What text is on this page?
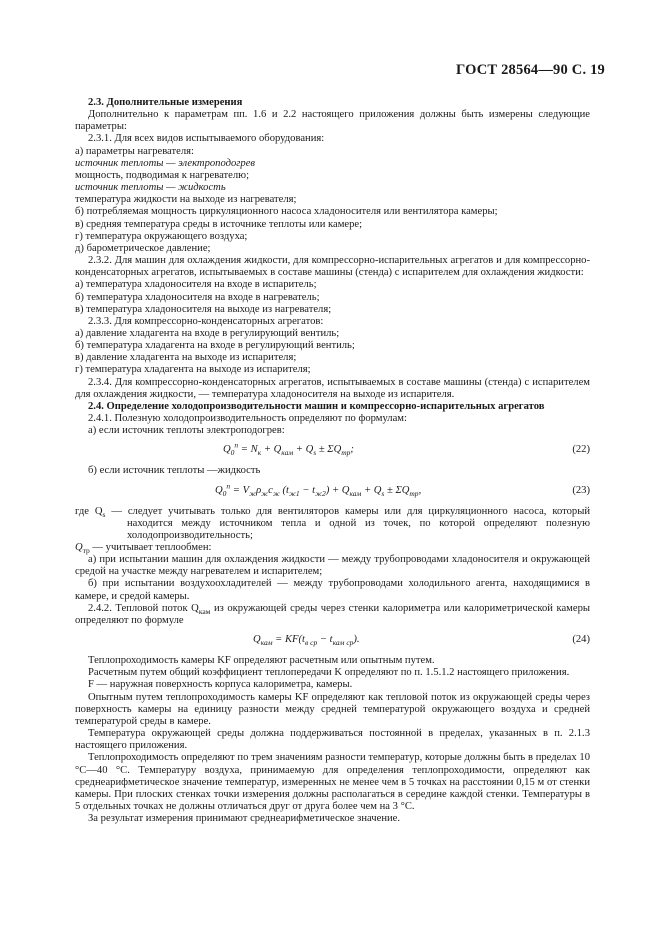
ГОСТ 28564—90 С. 19

2.3. Дополнительные измерения

Дополнительно к параметрам пп. 1.6 и 2.2 настоящего приложения должны быть измерены следующие параметры:

2.3.1. Для всех видов испытываемого оборудования:

а) параметры нагревателя:

источник теплоты — электроподогрев

мощность, подводимая к нагревателю;

источник теплоты — жидкость

температура жидкости на выходе из нагревателя;

б) потребляемая мощность циркуляционного насоса хладоносителя или вентилятора камеры;

в) средняя температура среды в источнике теплоты или камере;

г) температура окружающего воздуха;

д) барометрическое давление;

2.3.2. Для машин для охлаждения жидкости, для компрессорно-испарительных агрегатов и для компрессорно-конденсаторных агрегатов, испытываемых в составе машины (стенда) с испарителем для охлаждения жидкости:

а) температура хладоносителя на входе в испаритель;

б) температура хладоносителя на входе в нагреватель;

в) температура хладоносителя на выходе из нагревателя;

2.3.3. Для компрессорно-конденсаторных агрегатов:

а) давление хладагента на входе в регулирующий вентиль;

б) температура хладагента на входе в регулирующий вентиль;

в) давление хладагента на выходе из испарителя;

г) температура хладагента на выходе из испарителя;

2.3.4. Для компрессорно-конденсаторных агрегатов, испытываемых в составе машины (стенда) с испарителем для охлаждения жидкости, — температура хладоносителя на выходе из испарителя.

2.4. Определение холодопроизводительности машин и компрессорно-испарительных агрегатов

2.4.1. Полезную холодопроизводительность определяют по формулам:

а) если источник теплоты электроподогрев:

$Q_0^п = N_к + Q_{кам} + Q_s \pm \Sigma Q_{тр}$;	(22)

б) если источник теплоты —жидкость

$Q_0^п = V_ж\rho_жc_ж$ $(t_{ж1} - t_{ж2}) + Q_{кам} + Q_s \pm \Sigma Q_{тр}$,	(23)

где $Q_s$ — следует учитывать только для вентиляторов камеры или для циркуляционного насоса, который находится между источником тепла и одной из точек, по которой определяют полезную холодопроизводительность;

$Q_{тр}$ — учитывает теплообмен:

а) при испытании машин для охлаждения жидкости — между трубопроводами хладоносителя и окружающей средой на участке между нагревателем и испарителем;

б) при испытании воздухоохладителей — между трубопроводами холодильного агента, находящимися в камере, и средой камеры.

2.4.2. Тепловой поток $Q_{кам}$ из окружающей среды через стенки калориметра или калориметрической камеры определяют по формуле

$Q_{кам} = KF(t_{в ср} - t_{кам ср})$.	(24)

Теплопроходимость камеры KF определяют расчетным или опытным путем.

Расчетным путем общий коэффициент теплопередачи K определяют по п. 1.5.1.2 настоящего приложения.

F — наружная поверхность корпуса калориметра, камеры.

Опытным путем теплопроходимость камеры KF определяют как тепловой поток из окружающей среды через поверхность камеры на единицу разности между средней температурой окружающего воздуха и средней температурой среды в камере.

Температура окружающей среды должна поддерживаться постоянной в пределах, указанных в п. 2.1.3 настоящего приложения.

Теплопроходимость определяют по трем значениям разности температур, которые должны быть в пределах 10 °С—40 °С. Температуру воздуха, принимаемую для определения теплопроходимости, определяют как среднеарифметическое значение температур, измеренных не менее чем в 5 точках на расстоянии 0,15 м от стенки камеры. При плоских стенках точки измерения должны располагаться в середине каждой стенки. Температуры в 5 отдельных точках не должны отличаться друг от друга более чем на 3 °С.

За результат измерения принимают среднеарифметическое значение.
